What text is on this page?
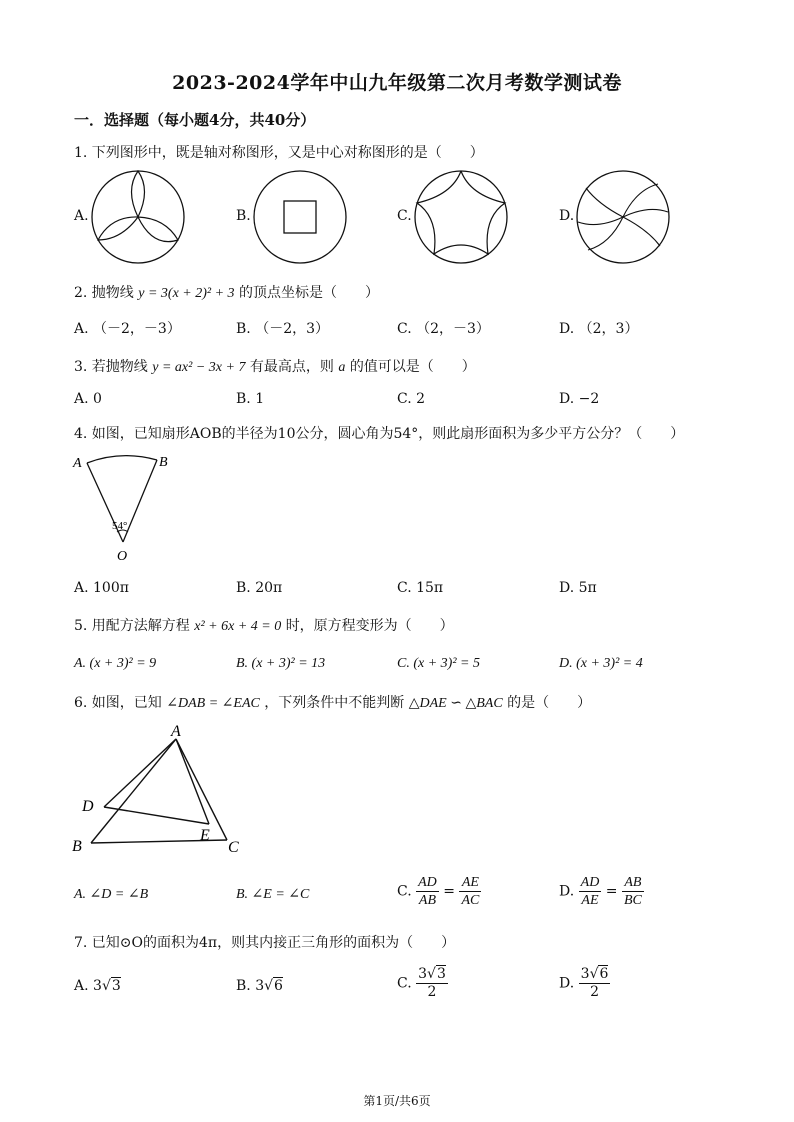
2023-2024学年中山九年级第二次月考数学测试卷
一．选择题（每小题4分，共40分）
1. 下列图形中，既是轴对称图形，又是中心对称图形的是（　　）
A.	B.	C.	D.
2. 抛物线 y = 3(x + 2)² + 3 的顶点坐标是（　　）
A. （－2，－3）	B. （－2，3）	C. （2，－3）	D. （2，3）
3. 若抛物线 y = ax² − 3x + 7 有最高点，则 a 的值可以是（　　）
A. 0	B. 1	C. 2	D. −2
4. 如图，已知扇形AOB的半径为10公分，圆心角为54°，则此扇形面积为多少平方公分？（　　）
A	B
O
54°
A. 100π	B. 20π	C. 15π	D. 5π
5. 用配方法解方程 x² + 6x + 4 = 0 时，原方程变形为（　　）
A. (x + 3)² = 9	B. (x + 3)² = 13	C. (x + 3)² = 5	D. (x + 3)² = 4
6. 如图，已知 ∠DAB = ∠EAC ，下列条件中不能判断 △DAE ∽ △BAC 的是（　　）
A
B	C
D
E
A. ∠D = ∠B	B. ∠E = ∠C	C. $\frac{AD}{AB} = \frac{AE}{AC}$	D. $\frac{AD}{AE} = \frac{AB}{BC}$
7. 已知⊙O的面积为4π，则其内接正三角形的面积为（　　）
A. 3√3	B. 3√6	C. $\frac{3√3}{2}$	D. $\frac{3√6}{2}$
第1页/共6页
